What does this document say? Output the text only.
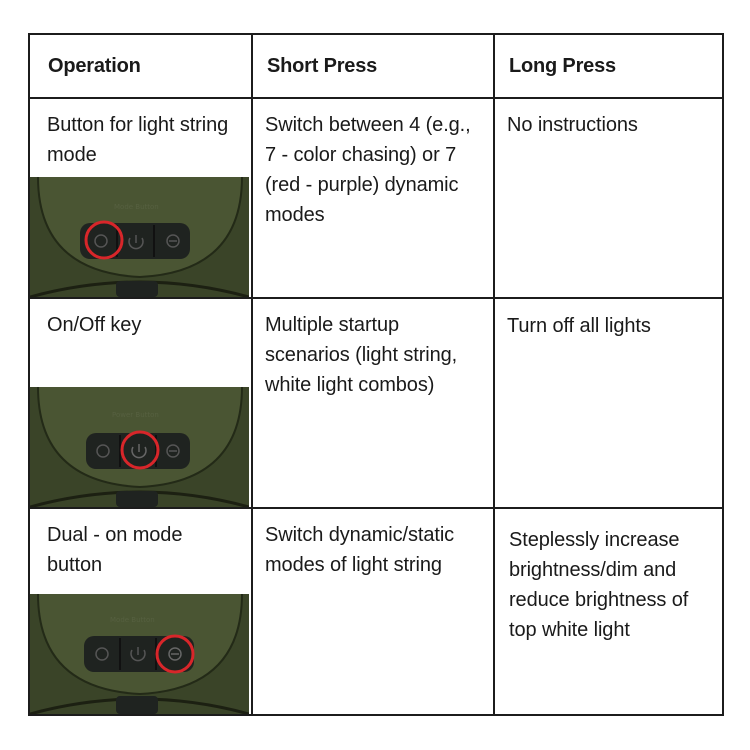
Operation	Short Press	Long Press
Button for light string mode
Mode Button
Switch between 4 (e.g., 7 - color chasing) or 7 (red - purple) dynamic modes
No instructions
On/Off key
Power Button
Multiple startup scenarios (light string, white light combos)
Turn off all lights
Dual - on mode button
Mode Button
Switch dynamic/static modes of light string
Steplessly increase brightness/dim and reduce brightness of top white light
